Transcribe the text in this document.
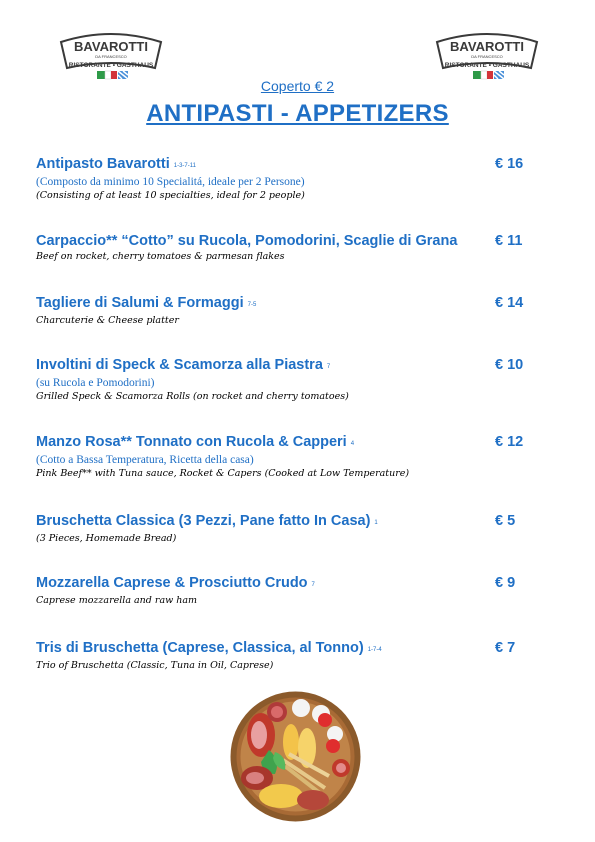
BAVAROTTI
DA FRANCESCO
RISTORANTE • GASTHAUS
BAVAROTTI
DA FRANCESCO
RISTORANTE • GASTHAUS
Coperto € 2
ANTIPASTI - APPETIZERS
Antipasto Bavarotti 1-3-7-11	€ 16
(Composto da minimo 10 Specialitá, ideale per 2 Persone)
(Consisting of at least 10 specialties, ideal for 2 people)
Carpaccio** “Cotto” su Rucola, Pomodorini, Scaglie di Grana	€ 11
Beef on rocket, cherry tomatoes & parmesan flakes
Tagliere di Salumi & Formaggi 7-5	€ 14
Charcuterie & Cheese platter
Involtini di Speck & Scamorza alla Piastra 7	€ 10
(su Rucola e Pomodorini)
Grilled Speck & Scamorza Rolls (on rocket and cherry tomatoes)
Manzo Rosa** Tonnato con Rucola & Capperi 4	€ 12
(Cotto a Bassa Temperatura, Ricetta della casa)
Pink Beef** with Tuna sauce, Rocket & Capers (Cooked at Low Temperature)
Bruschetta Classica (3 Pezzi, Pane fatto In Casa) 1	€ 5
(3 Pieces, Homemade Bread)
Mozzarella Caprese & Prosciutto Crudo 7	€ 9
Caprese mozzarella and raw ham
Tris di Bruschetta (Caprese, Classica, al Tonno) 1-7-4	€ 7
Trio of Bruschetta (Classic, Tuna in Oil, Caprese)
